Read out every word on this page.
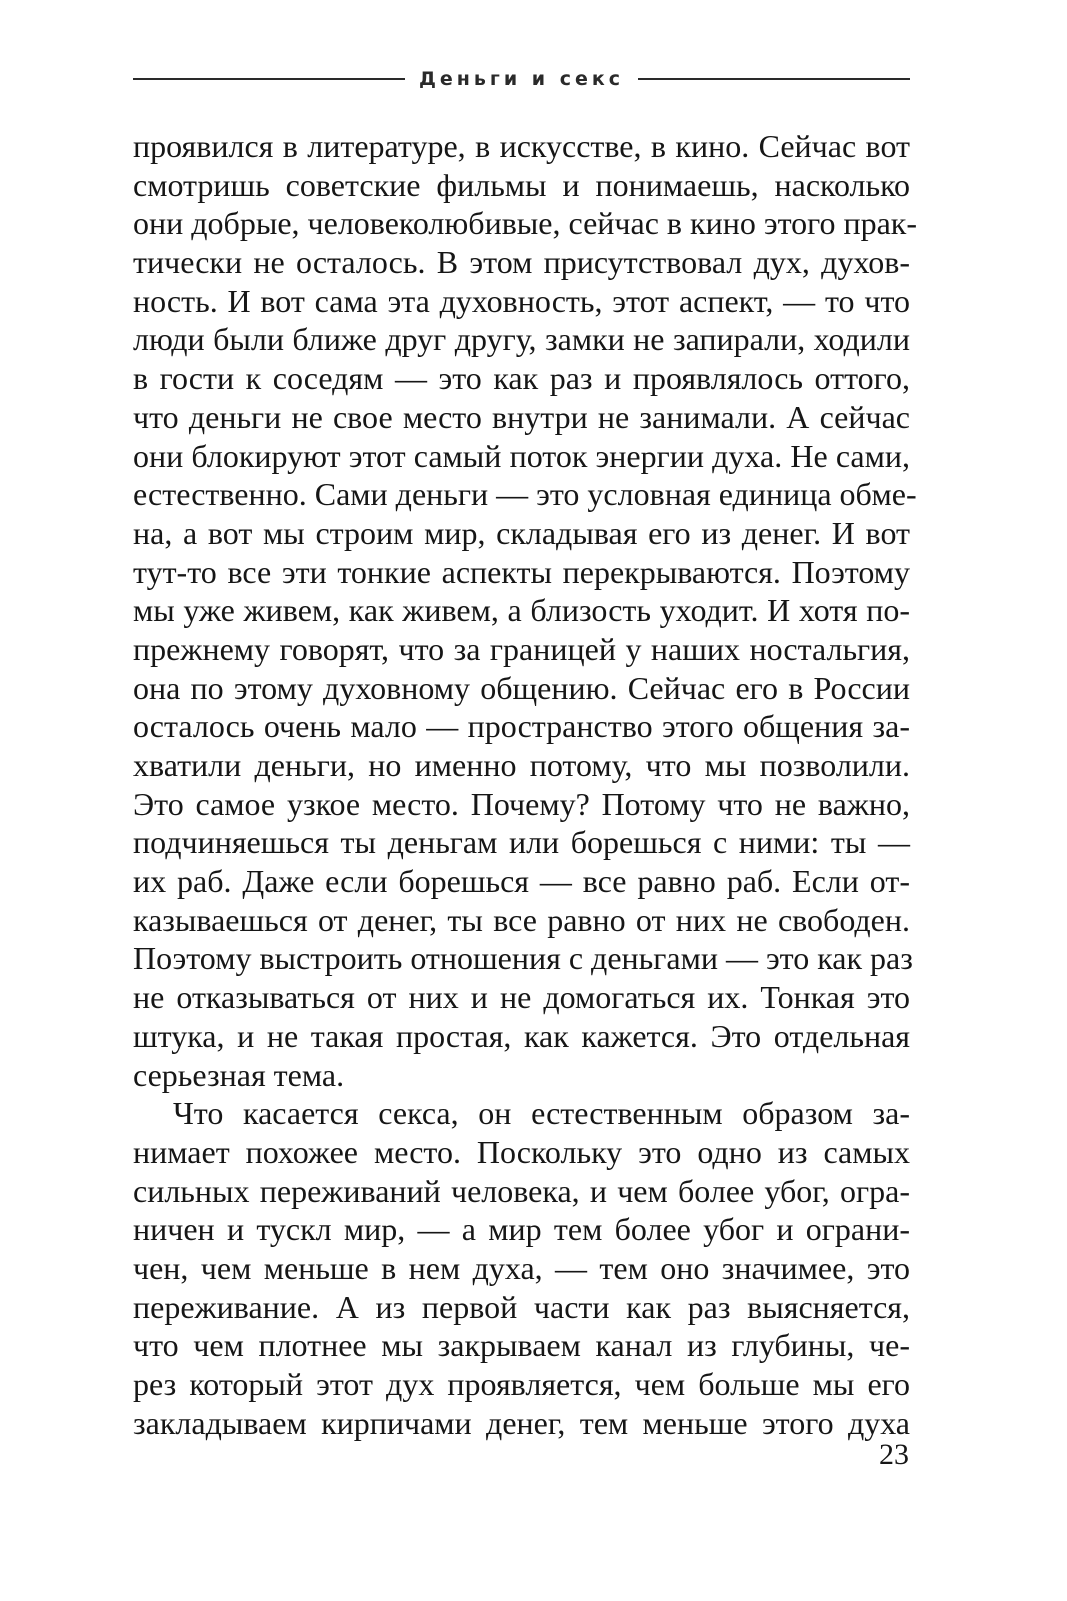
Деньги и секс
проявился в литературе, в искусстве, в кино. Сейчас вот
смотришь советские фильмы и понимаешь, насколько
они добрые, человеколюбивые, сейчас в кино этого прак-
тически не осталось. В этом присутствовал дух, духов-
ность. И вот сама эта духовность, этот аспект, — то что
люди были ближе друг другу, замки не запирали, ходили
в гости к соседям — это как раз и проявлялось оттого,
что деньги не свое место внутри не занимали. А сейчас
они блокируют этот самый поток энергии духа. Не сами,
естественно. Сами деньги — это условная единица обме-
на, а вот мы строим мир, складывая его из денег. И вот
тут-то все эти тонкие аспекты перекрываются. Поэтому
мы уже живем, как живем, а близость уходит. И хотя по-
прежнему говорят, что за границей у наших ностальгия,
она по этому духовному общению. Сейчас его в России
осталось очень мало — пространство этого общения за-
хватили деньги, но именно потому, что мы позволили.
Это самое узкое место. Почему? Потому что не важно,
подчиняешься ты деньгам или борешься с ними: ты —
их раб. Даже если борешься — все равно раб. Если от-
казываешься от денег, ты все равно от них не свободен.
Поэтому выстроить отношения с деньгами — это как раз
не отказываться от них и не домогаться их. Тонкая это
штука, и не такая простая, как кажется. Это отдельная
серьезная тема.
Что касается секса, он естественным образом за-
нимает похожее место. Поскольку это одно из самых
сильных переживаний человека, и чем более убог, огра-
ничен и тускл мир, — а мир тем более убог и ограни-
чен, чем меньше в нем духа, — тем оно значимее, это
переживание. А из первой части как раз выясняется,
что чем плотнее мы закрываем канал из глубины, че-
рез который этот дух проявляется, чем больше мы его
закладываем кирпичами денег, тем меньше этого духа
23
